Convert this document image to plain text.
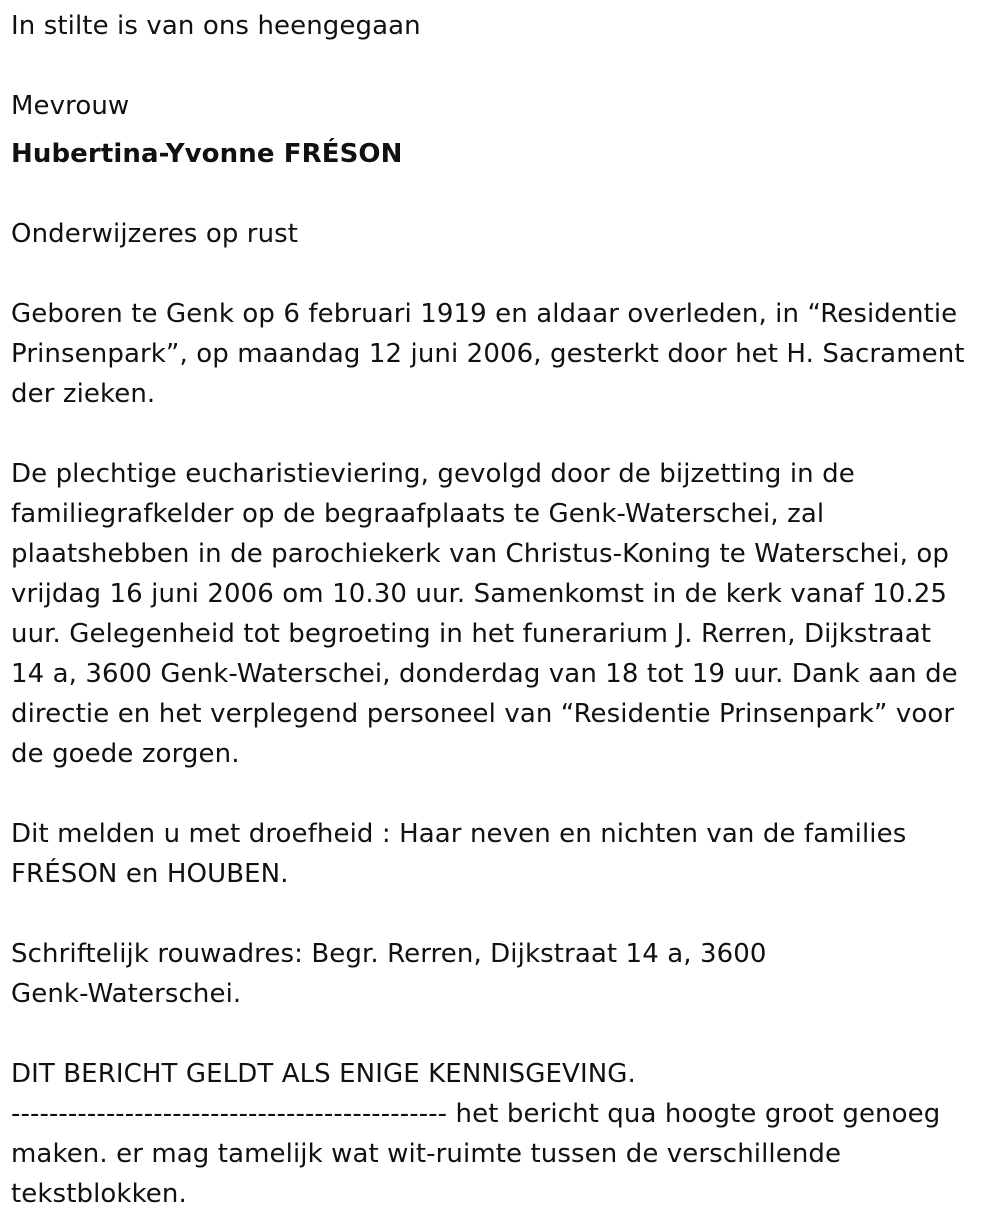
In stilte is van ons heengegaan
Mevrouw
Hubertina-Yvonne FRÉSON
Onderwijzeres op rust
Geboren te Genk op 6 februari 1919 en aldaar overleden, in “Residentie
Prinsenpark”, op maandag 12 juni 2006, gesterkt door het H. Sacrament
der zieken.
De plechtige eucharistieviering, gevolgd door de bijzetting in de
familiegrafkelder op de begraafplaats te Genk-Waterschei, zal
plaatshebben in de parochiekerk van Christus-Koning te Waterschei, op
vrijdag 16 juni 2006 om 10.30 uur. Samenkomst in de kerk vanaf 10.25
uur. Gelegenheid tot begroeting in het funerarium J. Rerren, Dijkstraat
14 a, 3600 Genk-Waterschei, donderdag van 18 tot 19 uur. Dank aan de
directie en het verplegend personeel van “Residentie Prinsenpark” voor
de goede zorgen.
Dit melden u met droefheid : Haar neven en nichten van de families
FRÉSON en HOUBEN.
Schriftelijk rouwadres: Begr. Rerren, Dijkstraat 14 a, 3600
Genk-Waterschei.
DIT BERICHT GELDT ALS ENIGE KENNISGEVING.
---------------------------------------------- het bericht qua hoogte groot genoeg
maken. er mag tamelijk wat wit-ruimte tussen de verschillende
tekstblokken.
